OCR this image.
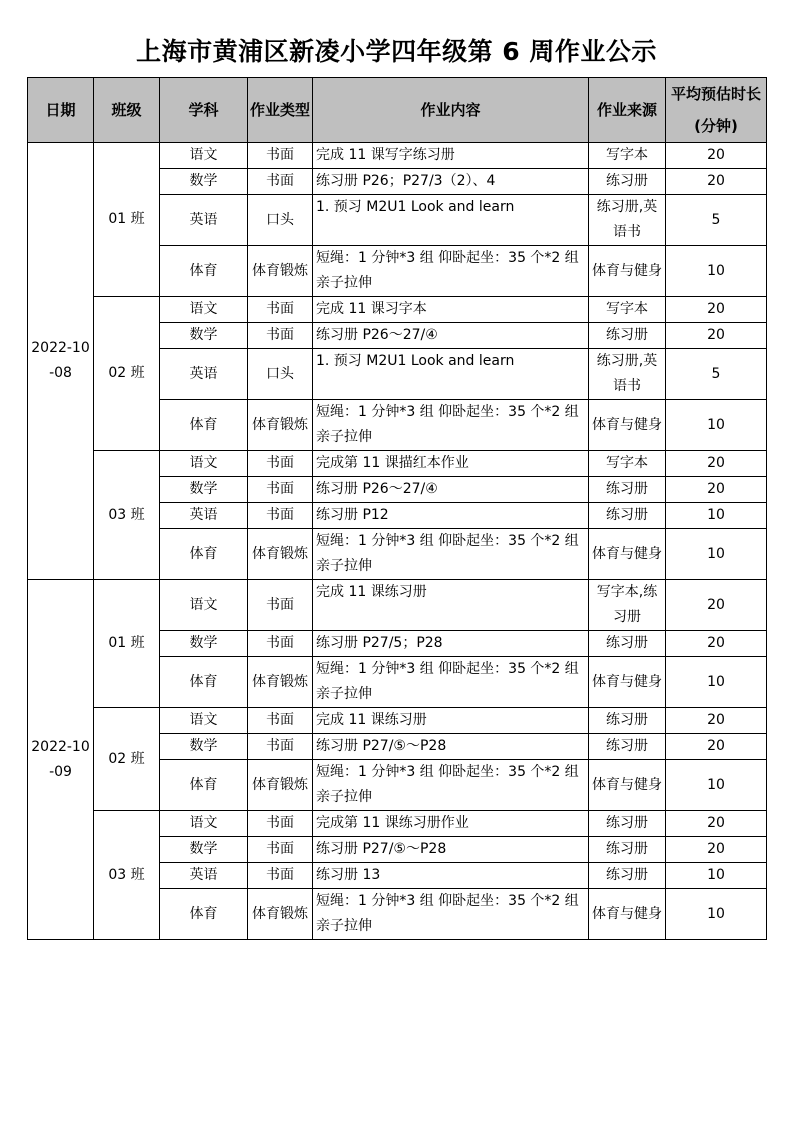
上海市黄浦区新凌小学四年级第 6 周作业公示
日期	班级	学科	作业类型	作业内容	作业来源	平均预估时长(分钟)
2022-10-08	01 班	语文	书面	完成 11 课写字练习册	写字本	20
		数学	书面	练习册 P26；P27/3（2）、4	练习册	20
		英语	口头	1. 预习 M2U1 Look and learn	练习册,英语书	5
		体育	体育锻炼	短绳：1 分钟*3 组 仰卧起坐：35 个*2 组 亲子拉伸	体育与健身	10
	02 班	语文	书面	完成 11 课习字本	写字本	20
		数学	书面	练习册 P26～27/④	练习册	20
		英语	口头	1. 预习 M2U1 Look and learn	练习册,英语书	5
		体育	体育锻炼	短绳：1 分钟*3 组 仰卧起坐：35 个*2 组 亲子拉伸	体育与健身	10
	03 班	语文	书面	完成第 11 课描红本作业	写字本	20
		数学	书面	练习册 P26～27/④	练习册	20
		英语	书面	练习册 P12	练习册	10
		体育	体育锻炼	短绳：1 分钟*3 组 仰卧起坐：35 个*2 组 亲子拉伸	体育与健身	10
2022-10-09	01 班	语文	书面	完成 11 课练习册	写字本,练习册	20
		数学	书面	练习册 P27/5；P28	练习册	20
		体育	体育锻炼	短绳：1 分钟*3 组 仰卧起坐：35 个*2 组 亲子拉伸	体育与健身	10
	02 班	语文	书面	完成 11 课练习册	练习册	20
		数学	书面	练习册 P27/⑤～P28	练习册	20
		体育	体育锻炼	短绳：1 分钟*3 组 仰卧起坐：35 个*2 组 亲子拉伸	体育与健身	10
	03 班	语文	书面	完成第 11 课练习册作业	练习册	20
		数学	书面	练习册 P27/⑤～P28	练习册	20
		英语	书面	练习册 13	练习册	10
		体育	体育锻炼	短绳：1 分钟*3 组 仰卧起坐：35 个*2 组 亲子拉伸	体育与健身	10
